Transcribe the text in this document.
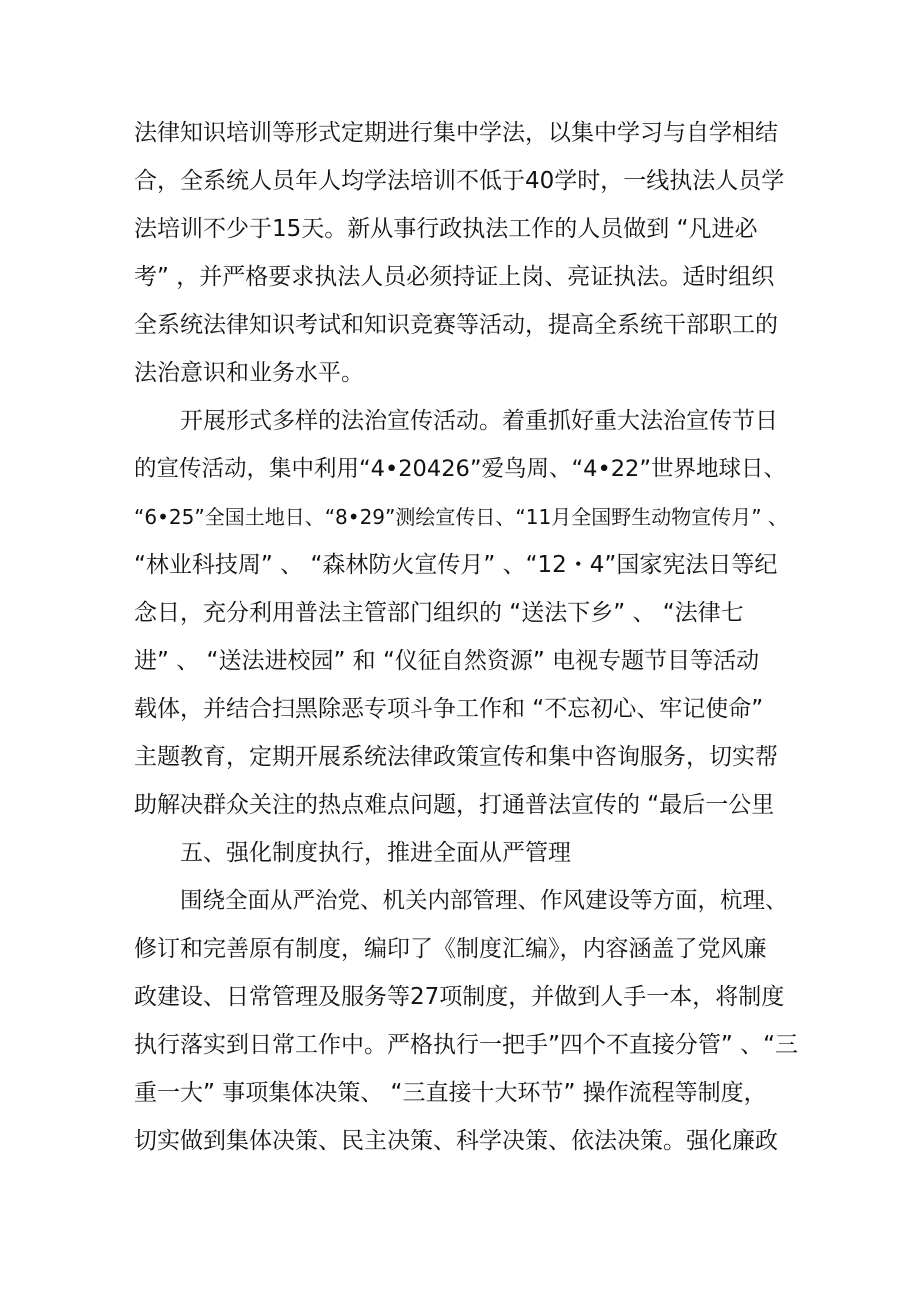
法律知识培训等形式定期进行集中学法，以集中学习与自学相结

合，全系统人员年人均学法培训不低于40学时，一线执法人员学

法培训不少于15天。新从事行政执法工作的人员做到 “凡进必

考” ，并严格要求执法人员必须持证上岗、亮证执法。适时组织

全系统法律知识考试和知识竞赛等活动，提高全系统干部职工的

法治意识和业务水平。

开展形式多样的法治宣传活动。着重抓好重大法治宣传节日

的宣传活动，集中利用“4•20426”爱鸟周、“4•22”世界地球日、

“6•25”全国土地日、“8•29”测绘宣传日、“11月全国野生动物宣传月” 、

“林业科技周” 、 “森林防火宣传月” 、“12・4”国家宪法日等纪

念日，充分利用普法主管部门组织的 “送法下乡” 、 “法律七

进” 、 “送法进校园” 和 “仪征自然资源” 电视专题节目等活动

载体，并结合扫黑除恶专项斗争工作和 “不忘初心、牢记使命”

主题教育，定期开展系统法律政策宣传和集中咨询服务，切实帮

助解决群众关注的热点难点问题，打通普法宣传的 “最后一公里

五、强化制度执行，推进全面从严管理

围绕全面从严治党、机关内部管理、作风建设等方面，杭理、

修订和完善原有制度，编印了《制度汇编》，内容涵盖了党风廉

政建设、日常管理及服务等27项制度，并做到人手一本，将制度

执行落实到日常工作中。严格执行一把手”四个不直接分管” 、“三

重一大” 事项集体决策、 “三直接十大环节” 操作流程等制度，

切实做到集体决策、民主决策、科学决策、依法决策。强化廉政
